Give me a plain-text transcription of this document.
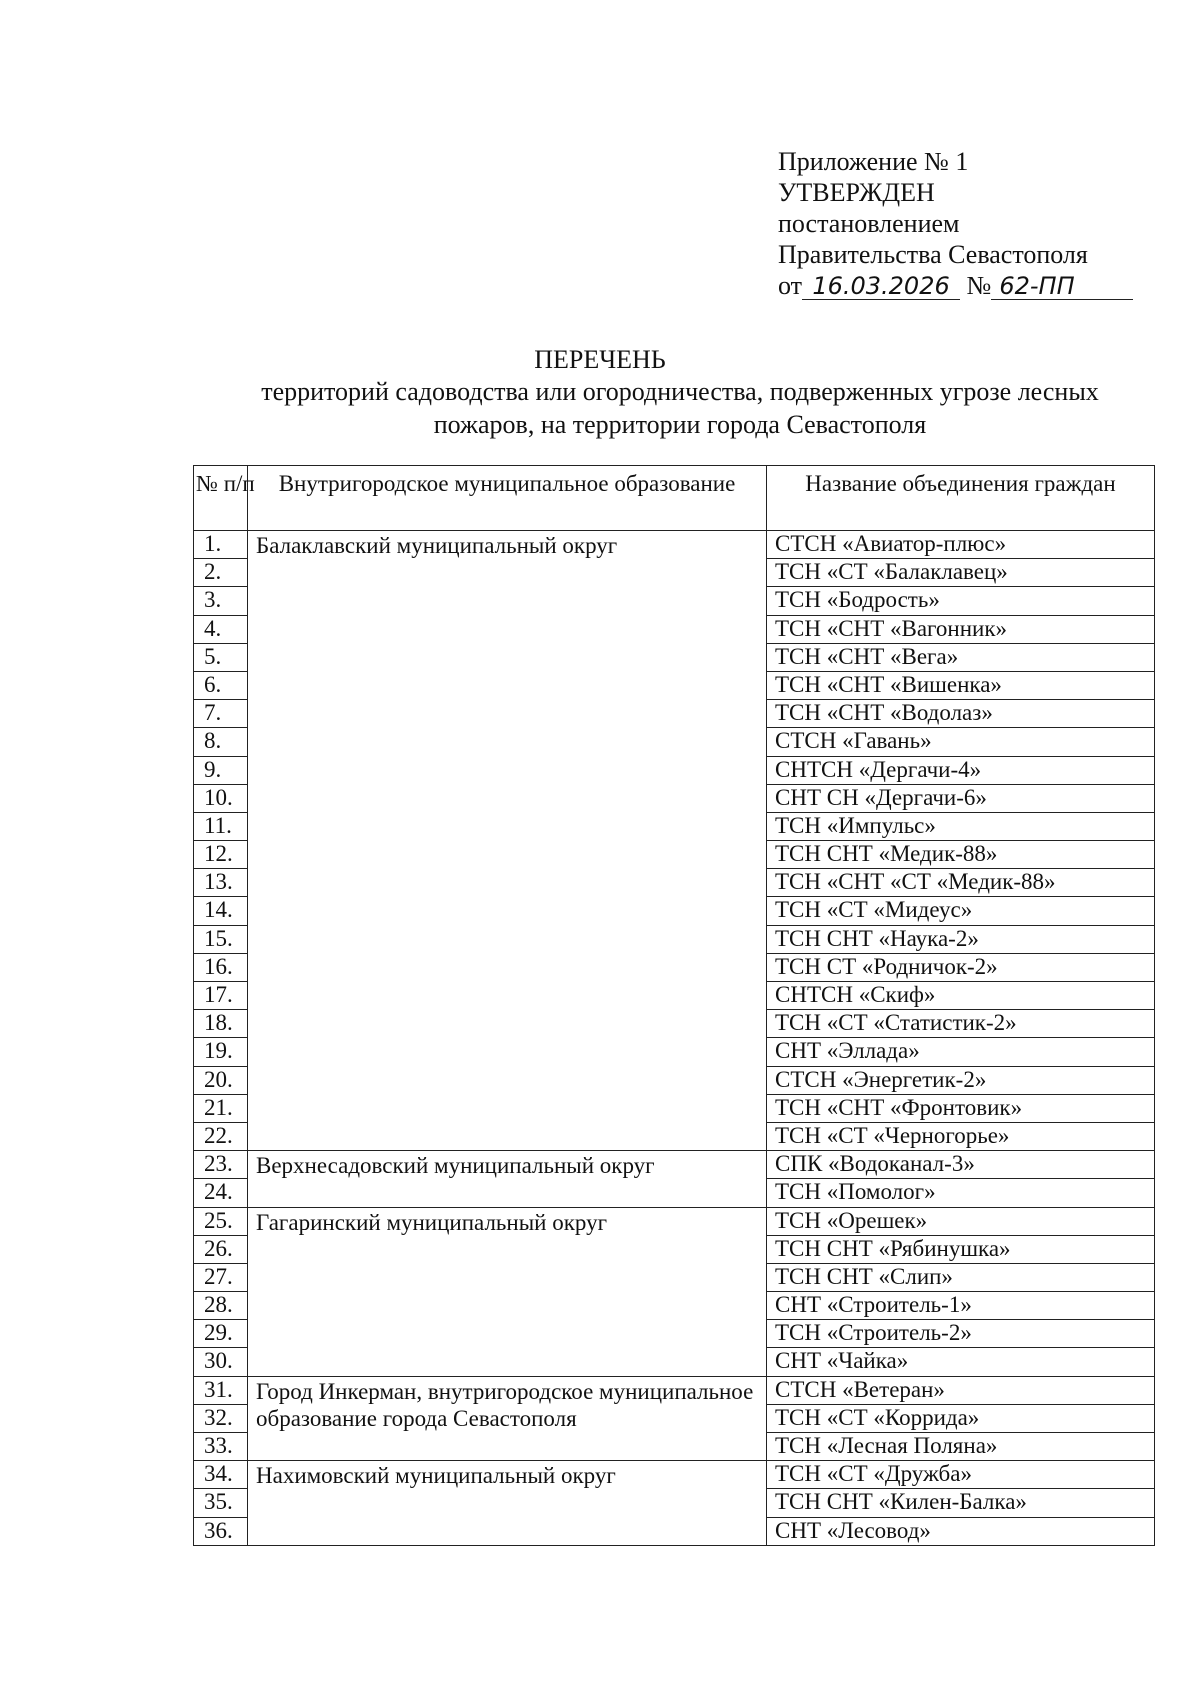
Приложение № 1
УТВЕРЖДЕН
постановлением
Правительства Севастополя
от 16.03.2026 № 62-ПП
ПЕРЕЧЕНЬ
территорий садоводства или огородничества, подверженных угрозе лесных
пожаров, на территории города Севастополя
№ п/п	Внутригородское муниципальное образование	Название объединения граждан
1.	Балаклавский муниципальный округ	СТСН «Авиатор-плюс»
2.		ТСН «СТ «Балаклавец»
3.		ТСН «Бодрость»
4.		ТСН «СНТ «Вагонник»
5.		ТСН «СНТ «Вега»
6.		ТСН «СНТ «Вишенка»
7.		ТСН «СНТ «Водолаз»
8.		СТСН «Гавань»
9.		СНТСН «Дергачи-4»
10.		СНТ СН «Дергачи-6»
11.		ТСН «Импульс»
12.		ТСН СНТ «Медик-88»
13.		ТСН «СНТ «СТ «Медик-88»
14.		ТСН «СТ «Мидеус»
15.		ТСН СНТ «Наука-2»
16.		ТСН СТ «Родничок-2»
17.		СНТСН «Скиф»
18.		ТСН «СТ «Статистик-2»
19.		СНТ «Эллада»
20.		СТСН «Энергетик-2»
21.		ТСН «СНТ «Фронтовик»
22.		ТСН «СТ «Черногорье»
23.	Верхнесадовский муниципальный округ	СПК «Водоканал-3»
24.		ТСН «Помолог»
25.	Гагаринский муниципальный округ	ТСН «Орешек»
26.		ТСН СНТ «Рябинушка»
27.		ТСН СНТ «Слип»
28.		СНТ «Строитель-1»
29.		ТСН «Строитель-2»
30.		СНТ «Чайка»
31.	Город Инкерман, внутригородское муниципальное образование города Севастополя	СТСН «Ветеран»
32.		ТСН «СТ «Коррида»
33.		ТСН «Лесная Поляна»
34.	Нахимовский муниципальный округ	ТСН «СТ «Дружба»
35.		ТСН СНТ «Килен-Балка»
36.		СНТ «Лесовод»
